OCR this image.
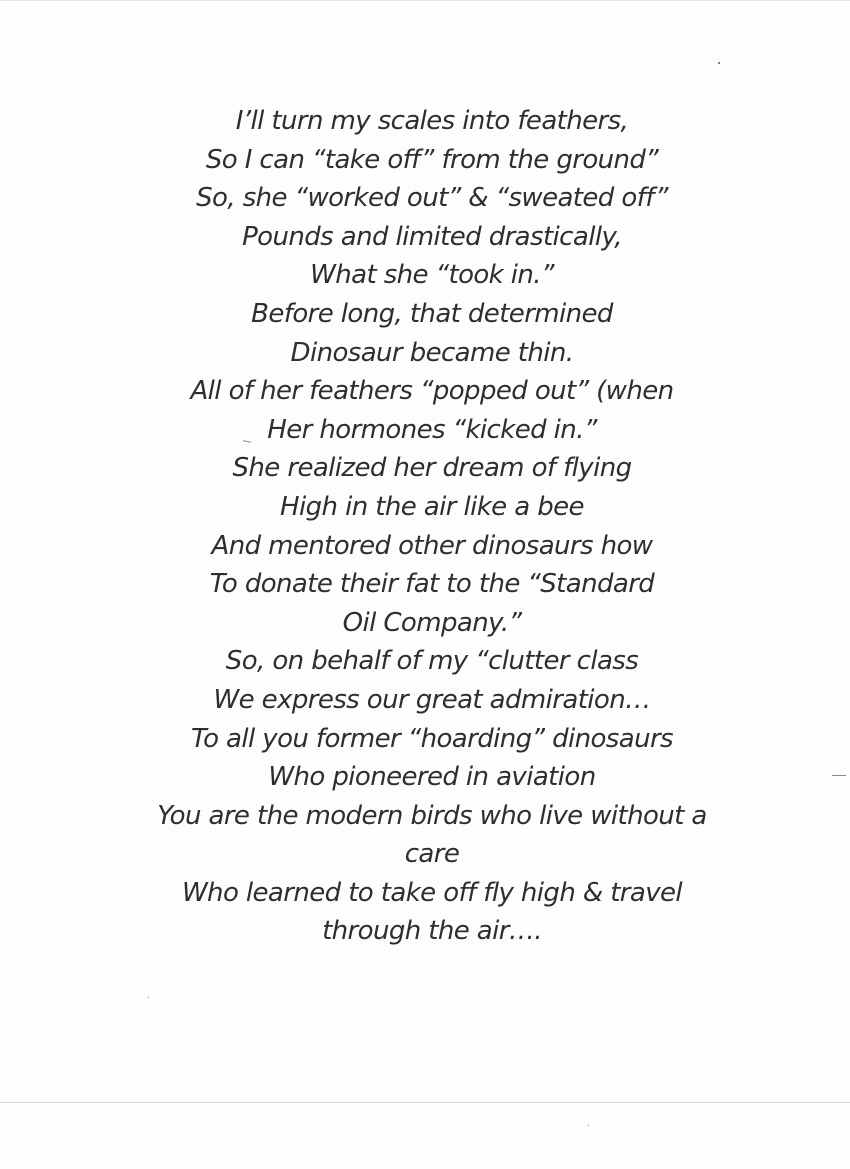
I’ll turn my scales into feathers,
So I can “take off” from the ground”
So, she “worked out” & “sweated off”
Pounds and limited drastically,
What she “took in.”
Before long, that determined
Dinosaur became thin.
All of her feathers “popped out” (when
Her hormones “kicked in.”
She realized her dream of flying
High in the air like a bee
And mentored other dinosaurs how
To donate their fat to the “Standard
Oil Company.”
So, on behalf of my “clutter class
We express our great admiration…
To all you former “hoarding” dinosaurs
Who pioneered in aviation
You are the modern birds who live without a
care
Who learned to take off fly high & travel
through the air….
